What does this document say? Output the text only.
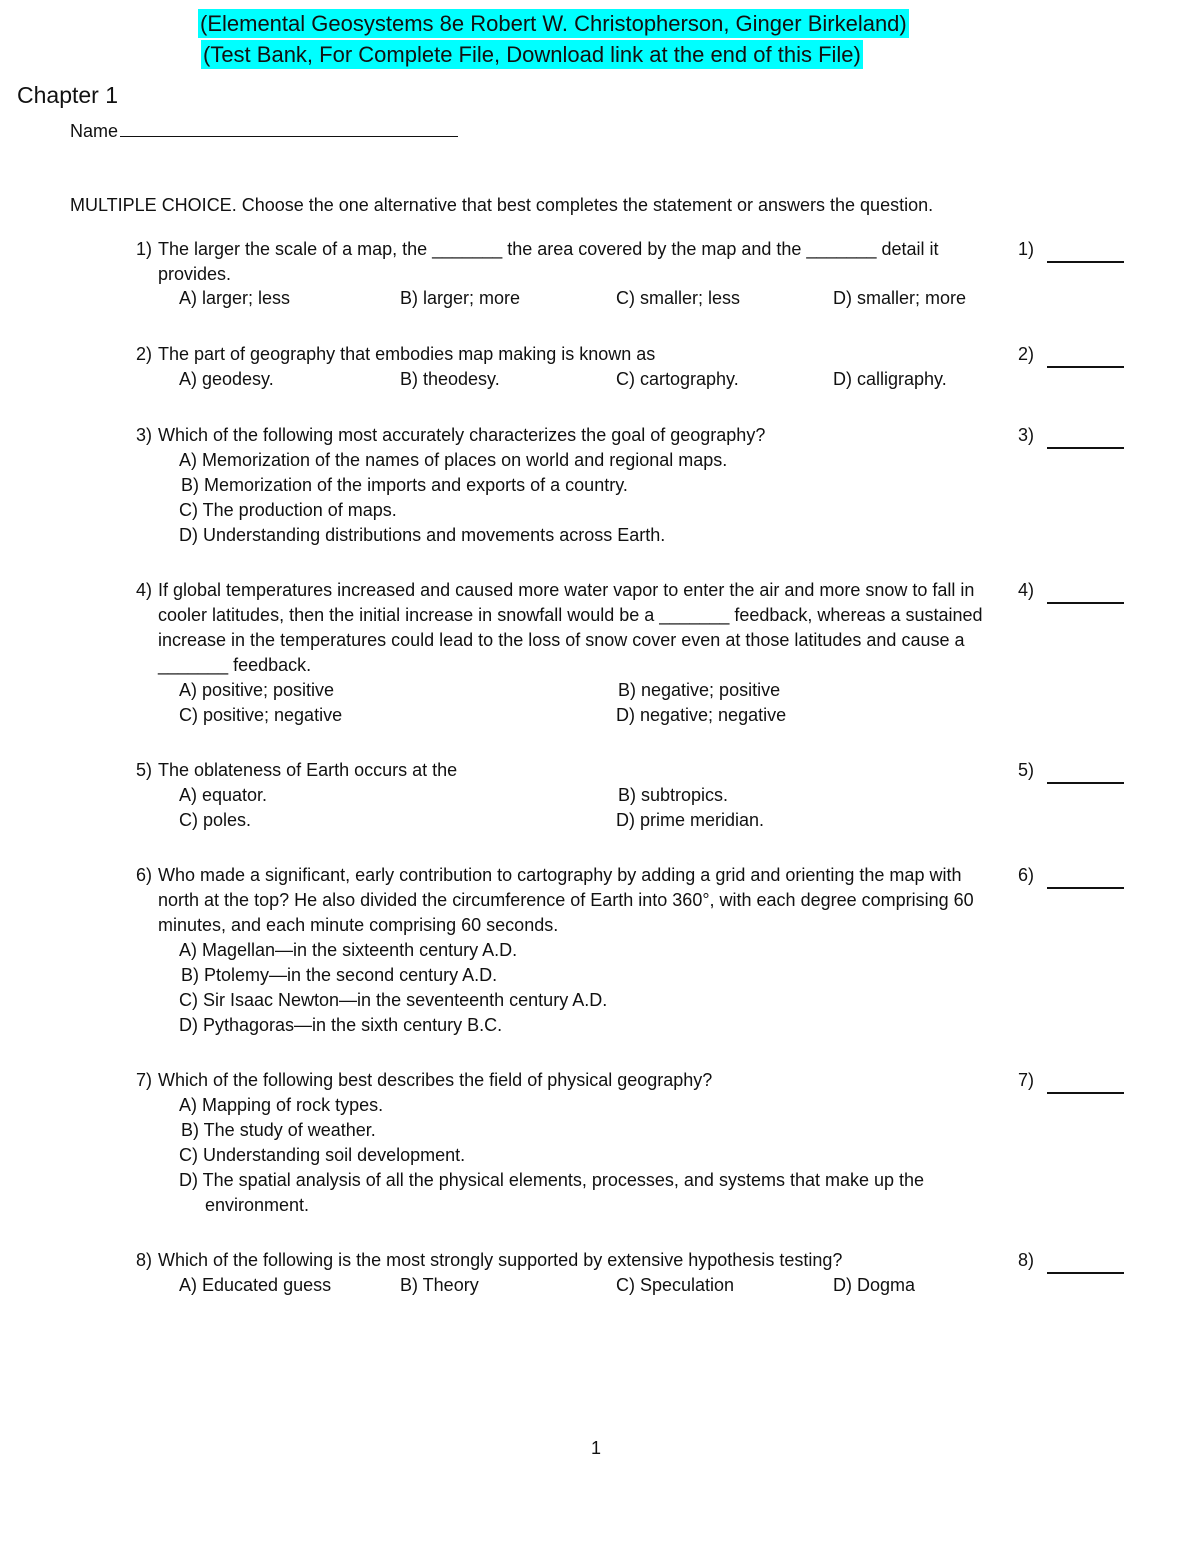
(Elemental Geosystems 8e Robert W. Christopherson, Ginger Birkeland)
(Test Bank, For Complete File, Download link at the end of this File)
Chapter 1
Name
MULTIPLE CHOICE. Choose the one alternative that best completes the statement or answers the question.
1) The larger the scale of a map, the _______ the area covered by the map and the _______ detail it provides.
1)
A) larger; less	B) larger; more	C) smaller; less	D) smaller; more
2) The part of geography that embodies map making is known as	2)
A) geodesy.	B) theodesy.	C) cartography.	D) calligraphy.
3) Which of the following most accurately characterizes the goal of geography?	3)
A) Memorization of the names of places on world and regional maps.
B) Memorization of the imports and exports of a country.
C) The production of maps.
D) Understanding distributions and movements across Earth.
4) If global temperatures increased and caused more water vapor to enter the air and more snow to fall in cooler latitudes, then the initial increase in snowfall would be a _______ feedback, whereas a sustained increase in the temperatures could lead to the loss of snow cover even at those latitudes and cause a _______ feedback.
4)
A) positive; positive	B) negative; positive
C) positive; negative	D) negative; negative
5) The oblateness of Earth occurs at the	5)
A) equator.	B) subtropics.
C) poles.	D) prime meridian.
6) Who made a significant, early contribution to cartography by adding a grid and orienting the map with north at the top? He also divided the circumference of Earth into 360°, with each degree comprising 60 minutes, and each minute comprising 60 seconds.
6)
A) Magellan—in the sixteenth century A.D.
B) Ptolemy—in the second century A.D.
C) Sir Isaac Newton—in the seventeenth century A.D.
D) Pythagoras—in the sixth century B.C.
7) Which of the following best describes the field of physical geography?	7)
A) Mapping of rock types.
B) The study of weather.
C) Understanding soil development.
D) The spatial analysis of all the physical elements, processes, and systems that make up the environment.
8) Which of the following is the most strongly supported by extensive hypothesis testing?	8)
A) Educated guess	B) Theory	C) Speculation	D) Dogma
1
